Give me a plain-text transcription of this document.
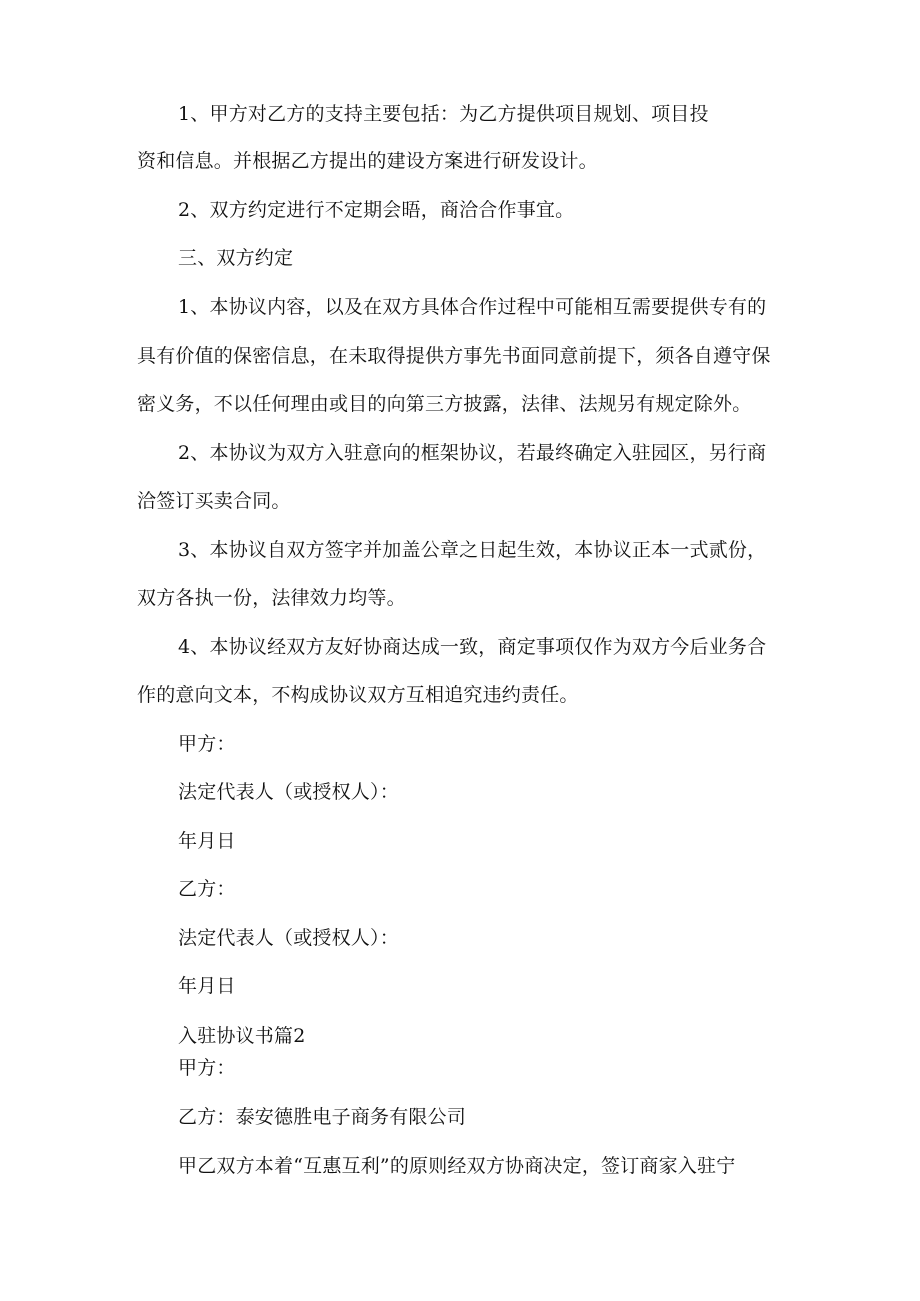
1、甲方对乙方的支持主要包括：为乙方提供项目规划、项目投
资和信息。并根据乙方提出的建设方案进行研发设计。
2、双方约定进行不定期会晤，商洽合作事宜。
三、双方约定
1、本协议内容，以及在双方具体合作过程中可能相互需要提供专有的
具有价值的保密信息，在未取得提供方事先书面同意前提下，须各自遵守保
密义务，不以任何理由或目的向第三方披露，法律、法规另有规定除外。
2、本协议为双方入驻意向的框架协议，若最终确定入驻园区，另行商
洽签订买卖合同。
3、本协议自双方签字并加盖公章之日起生效，本协议正本一式贰份，
双方各执一份，法律效力均等。
4、本协议经双方友好协商达成一致，商定事项仅作为双方今后业务合
作的意向文本，不构成协议双方互相追究违约责任。
甲方：
法定代表人（或授权人）：
年月日
乙方：
法定代表人（或授权人）：
年月日
入驻协议书篇2
甲方：
乙方：泰安德胜电子商务有限公司
甲乙双方本着“互惠互利”的原则经双方协商决定，签订商家入驻宁
